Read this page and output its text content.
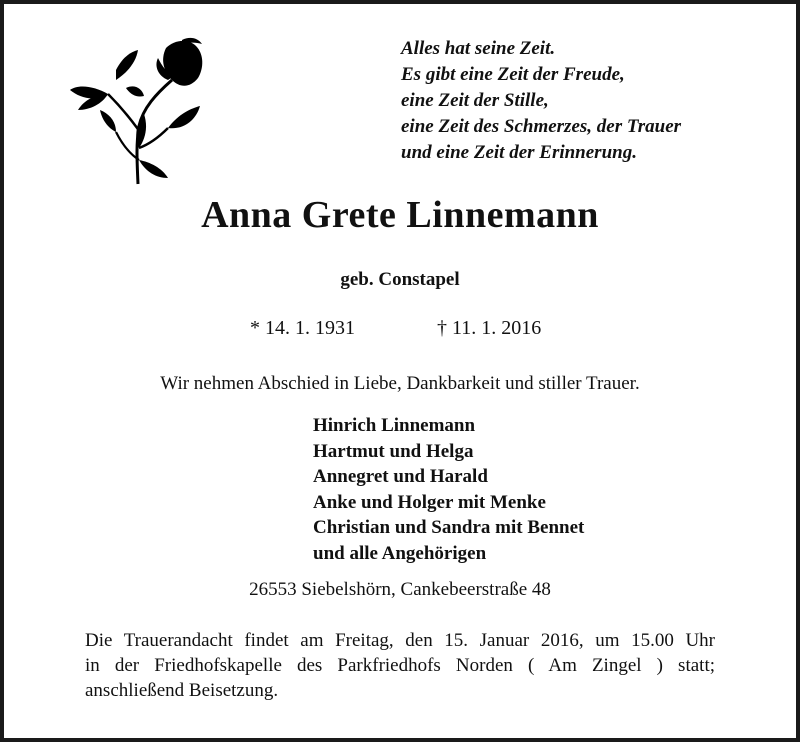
Alles hat seine Zeit.
Es gibt eine Zeit der Freude,
eine Zeit der Stille,
eine Zeit des Schmerzes, der Trauer
und eine Zeit der Erinnerung.
Anna Grete Linnemann
geb. Constapel
* 14. 1. 1931	† 11. 1. 2016
Wir nehmen Abschied in Liebe, Dankbarkeit und stiller Trauer.
Hinrich Linnemann
Hartmut und Helga
Annegret und Harald
Anke und Holger mit Menke
Christian und Sandra mit Bennet
und alle Angehörigen
26553 Siebelshörn, Cankebeerstraße 48
Die Trauerandacht findet am Freitag, den 15. Januar 2016, um 15.00 Uhr
in der Friedhofskapelle des Parkfriedhofs Norden ( Am Zingel ) statt;
anschließend Beisetzung.
